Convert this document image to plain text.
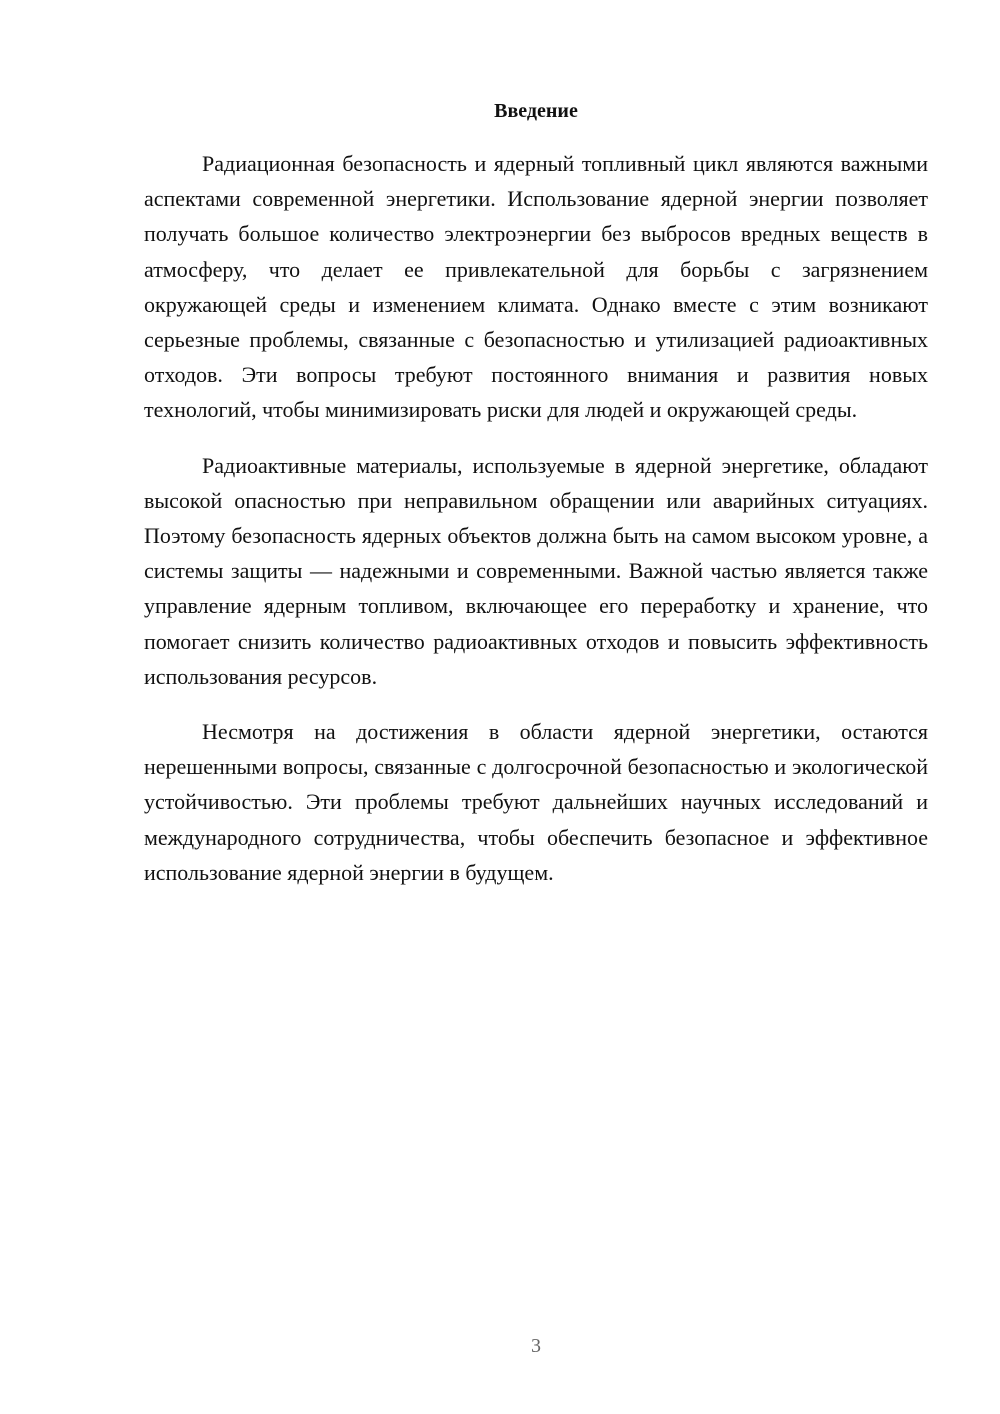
Введение

Радиационная безопасность и ядерный топливный цикл являются важными аспектами современной энергетики. Использование ядерной энергии позволяет получать большое количество электроэнергии без выбросов вредных веществ в атмосферу, что делает ее привлекательной для борьбы с загрязнением окружающей среды и изменением климата. Однако вместе с этим возникают серьезные проблемы, связанные с безопасностью и утилизацией радиоактивных отходов. Эти вопросы требуют постоянного внимания и развития новых технологий, чтобы минимизировать риски для людей и окружающей среды.

Радиоактивные материалы, используемые в ядерной энергетике, обладают высокой опасностью при неправильном обращении или аварийных ситуациях. Поэтому безопасность ядерных объектов должна быть на самом высоком уровне, а системы защиты — надежными и современными. Важной частью является также управление ядерным топливом, включающее его переработку и хранение, что помогает снизить количество радиоактивных отходов и повысить эффективность использования ресурсов.

Несмотря на достижения в области ядерной энергетики, остаются нерешенными вопросы, связанные с долгосрочной безопасностью и экологической устойчивостью. Эти проблемы требуют дальнейших научных исследований и международного сотрудничества, чтобы обеспечить безопасное и эффективное использование ядерной энергии в будущем.

3
